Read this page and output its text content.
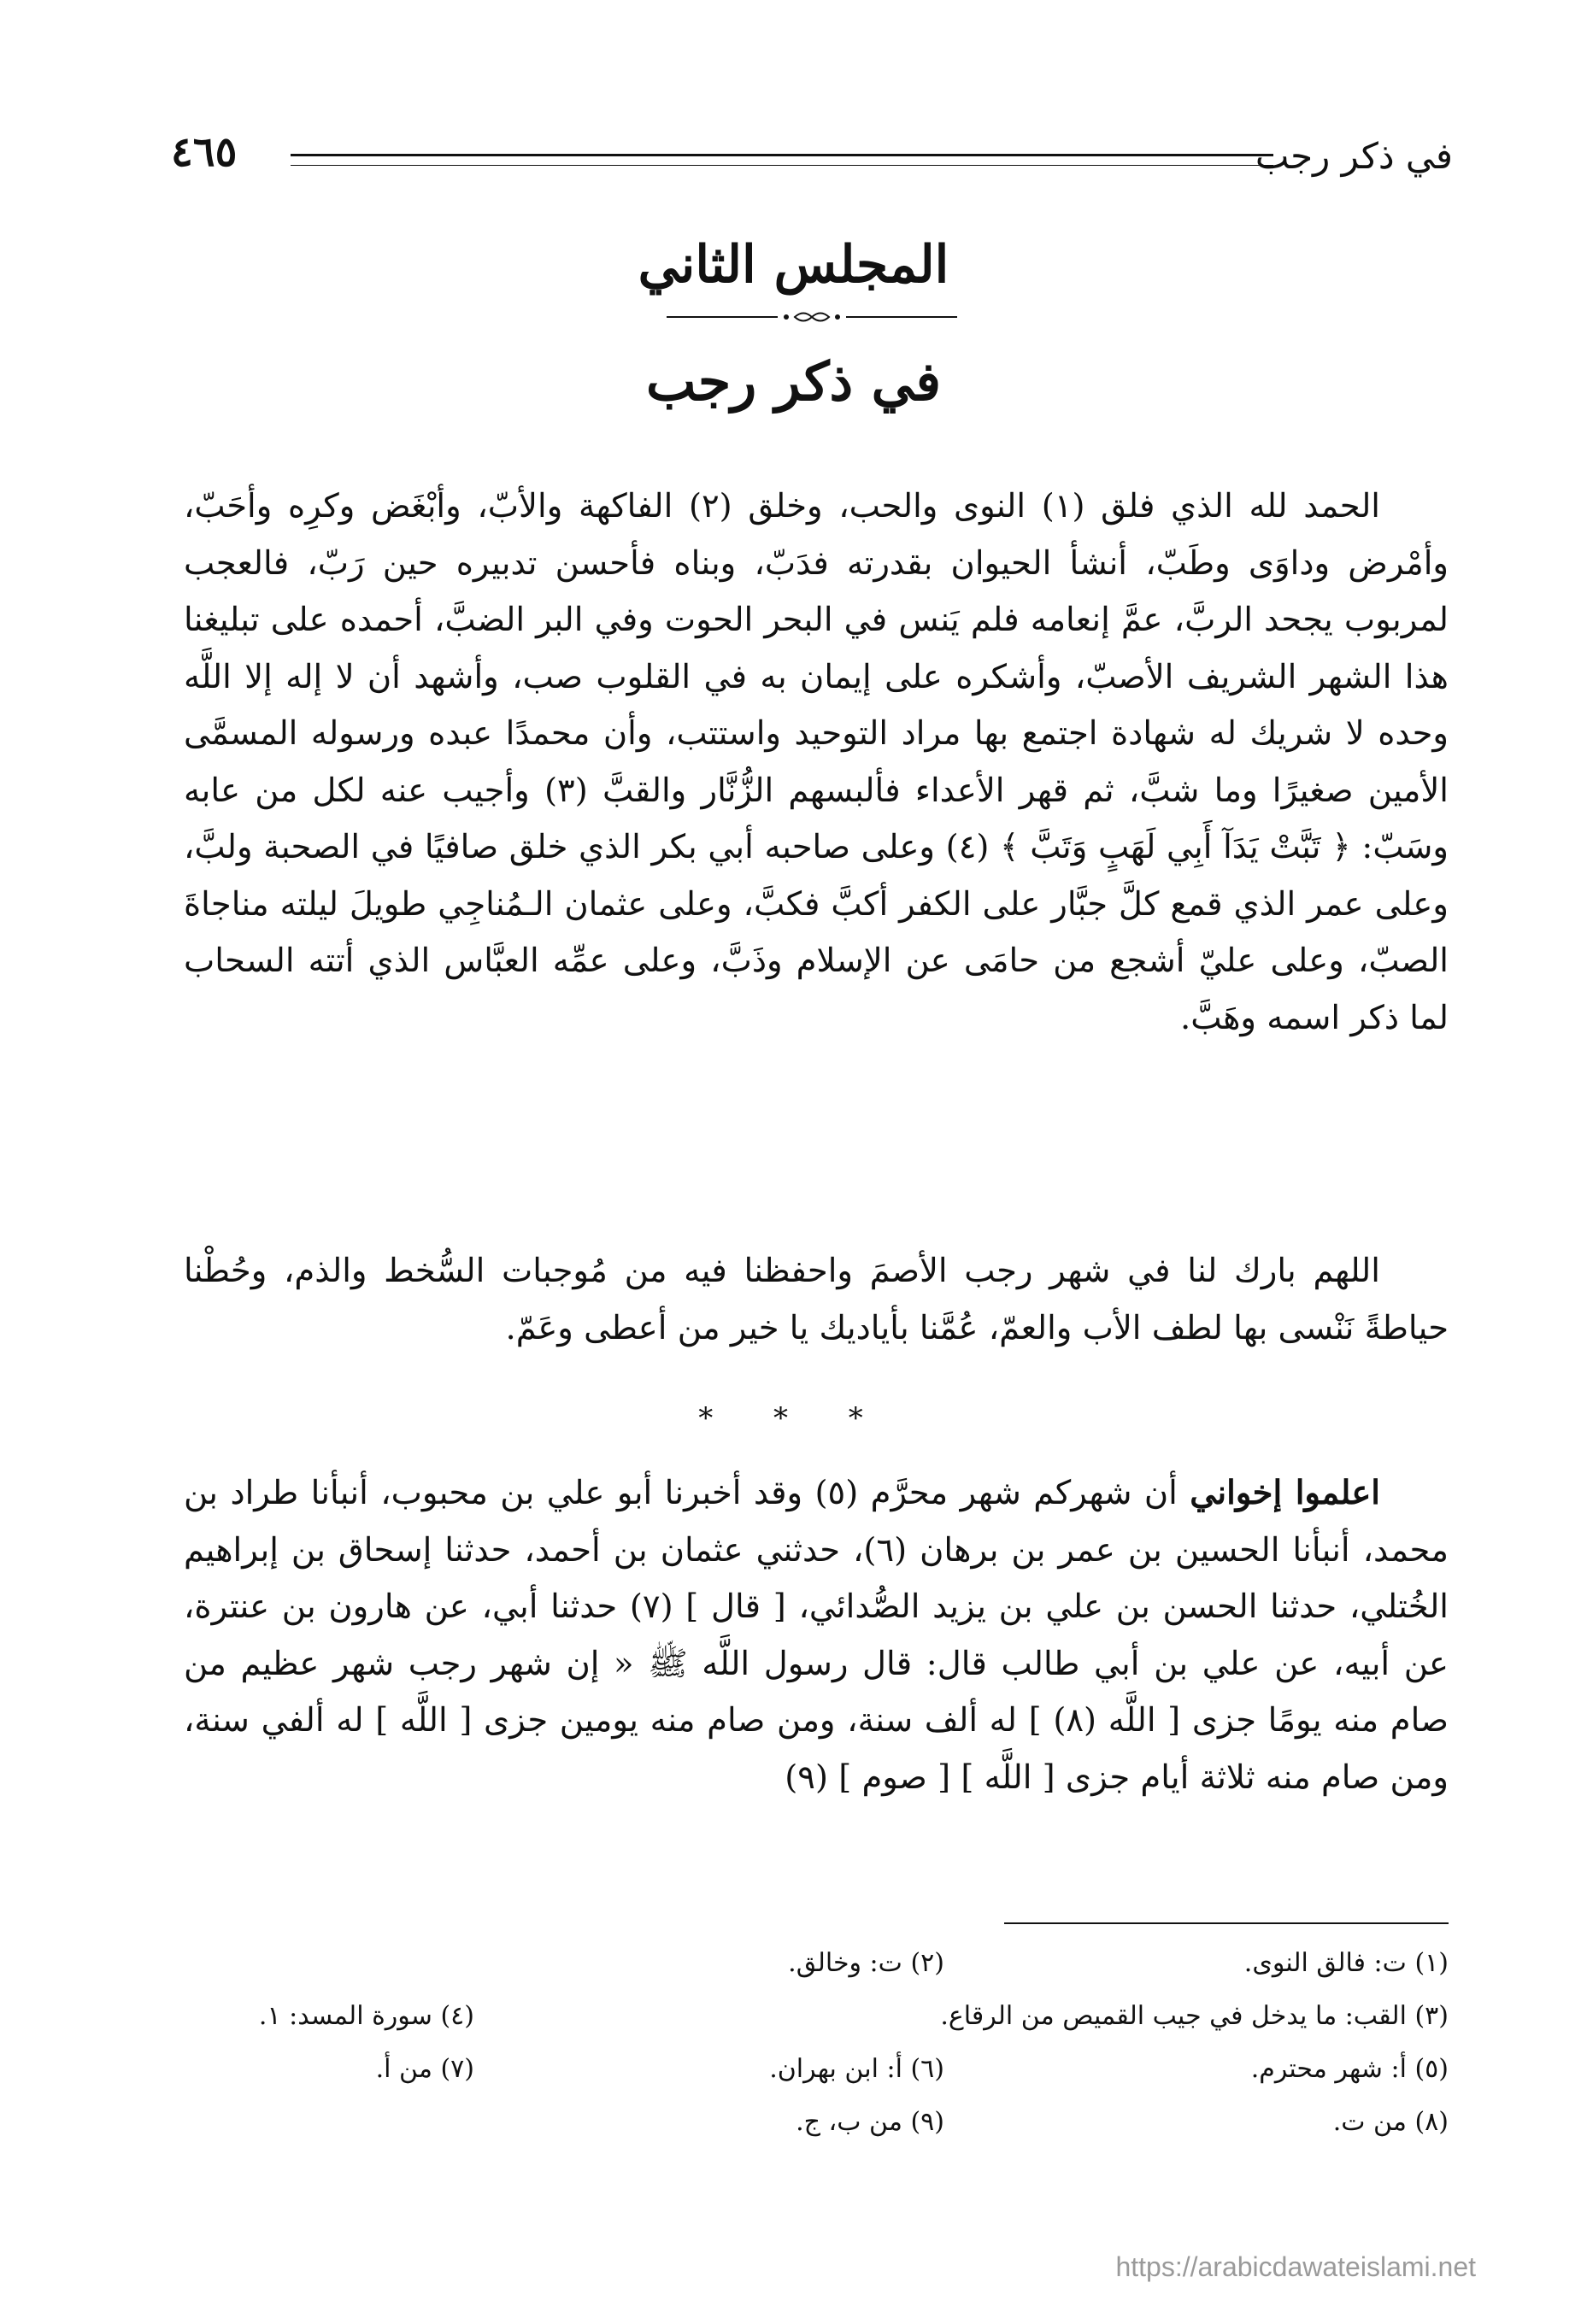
في ذكر رجب
٤٦٥
المجلس الثاني
في ذكر رجب

الحمد لله الذي فلق (١) النوى والحب، وخلق (٢) الفاكهة والأبّ، وأبْغَض وكرِه وأحَبّ، وأمْرض وداوَى وطَبّ، أنشأ الحيوان بقدرته فدَبّ، وبناه فأحسن تدبيره حين رَبّ، فالعجب لمربوب يجحد الربَّ، عمَّ إنعامه فلم يَنس في البحر الحوت وفي البر الضبَّ، أحمده على تبليغنا هذا الشهر الشريف الأصبّ، وأشكره على إيمان به في القلوب صب، وأشهد أن لا إله إلا اللَّه وحده لا شريك له شهادة اجتمع بها مراد التوحيد واستتب، وأن محمدًا عبده ورسوله المسمَّى الأمين صغيرًا وما شبَّ، ثم قهر الأعداء فألبسهم الزُّنَّار والقبَّ (٣) وأجيب عنه لكل من عابه وسَبّ: ﴿ تَبَّتْ يَدَآ أَبِي لَهَبٍ وَتَبَّ ﴾ (٤) وعلى صاحبه أبي بكر الذي خلق صافيًا في الصحبة ولبَّ، وعلى عمر الذي قمع كلَّ جبَّار على الكفر أكبَّ فكبَّ، وعلى عثمان الـمُناجِي طويلَ ليلته مناجاةَ الصبّ، وعلى عليّ أشجع من حامَى عن الإسلام وذَبَّ، وعلى عمِّه العبَّاس الذي أتته السحاب لما ذكر اسمه وهَبَّ.

اللهم بارك لنا في شهر رجب الأصمَ واحفظنا فيه من مُوجبات السُّخط والذم، وحُطْنا حياطةً نَنْسى بها لطف الأب والعمّ، عُمَّنا بأياديك يا خير من أعطى وعَمّ.

* * *

اعلموا إخواني أن شهركم شهر محرَّم (٥) وقد أخبرنا أبو علي بن محبوب، أنبأنا طراد بن محمد، أنبأنا الحسين بن عمر بن برهان (٦)، حدثني عثمان بن أحمد، حدثنا إسحاق بن إبراهيم الخُتلي، حدثنا الحسن بن علي بن يزيد الصُّدائي، [ قال ] (٧) حدثنا أبي، عن هارون بن عنترة، عن أبيه، عن علي بن أبي طالب قال: قال رسول اللَّه ﷺ « إن شهر رجب شهر عظيم من صام منه يومًا جزى [ اللَّه (٨) ] له ألف سنة، ومن صام منه يومين جزى [ اللَّه ] له ألفي سنة، ومن صام منه ثلاثة أيام جزى [ اللَّه ] [ صوم ] (٩)

(١) ت: فالق النوى.
(٢) ت: وخالق.
(٣) القب: ما يدخل في جيب القميص من الرقاع.
(٤) سورة المسد: ١.
(٥) أ: شهر محترم.
(٦) أ: ابن بهران.
(٧) من أ.
(٨) من ت.
(٩) من ب، ج.
https://arabicdawateislami.net
